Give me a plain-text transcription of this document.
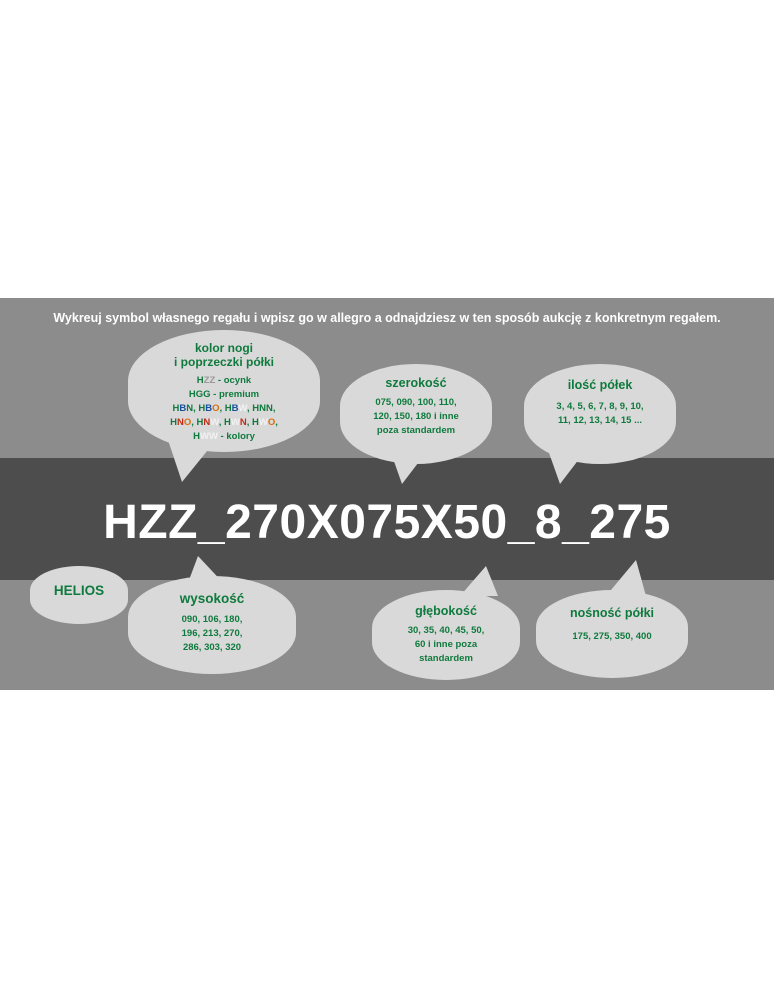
Wykreuj symbol własnego regału i wpisz go w allegro a odnajdziesz w ten sposób aukcję z konkretnym regałem.
HZZ_270X075X50_8_275
kolor nogi
i poprzeczki półki
HZZ - ocynk
HGG - premium
HBN, HBO, HBW, HNN,
HNO, HNW, HWN, HWO,
HWW - kolory
szerokość
075, 090, 100, 110,
120, 150, 180 i inne
poza standardem
ilość półek
3, 4, 5, 6, 7, 8, 9, 10,
11, 12, 13, 14, 15 ...
HELIOS
wysokość
090, 106, 180,
196, 213, 270,
286, 303, 320
głębokość
30, 35, 40, 45, 50,
60 i inne poza
standardem
nośność półki
175, 275, 350, 400
